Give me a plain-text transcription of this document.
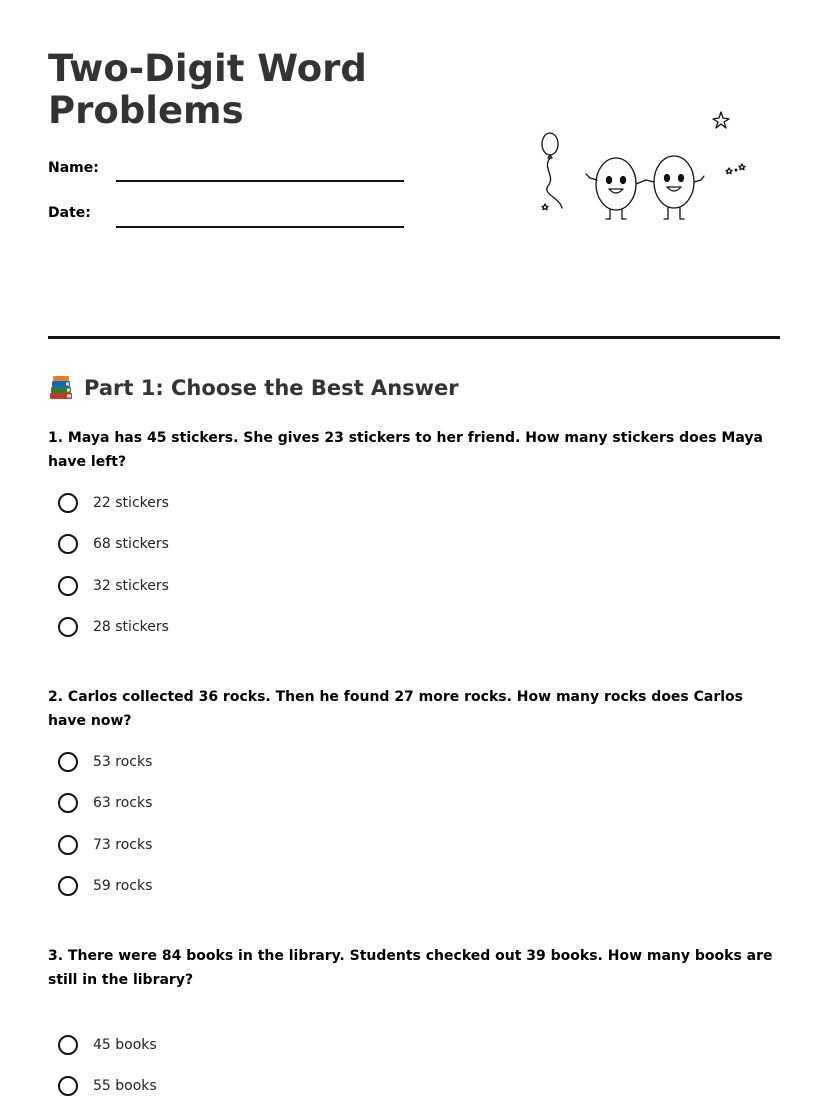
Two-Digit Word Problems
Name:
Date:
Part 1: Choose the Best Answer

1. Maya has 45 stickers. She gives 23 stickers to her friend. How many stickers does Maya have left?

22 stickers
68 stickers
32 stickers
28 stickers

2. Carlos collected 36 rocks. Then he found 27 more rocks. How many rocks does Carlos have now?

53 rocks
63 rocks
73 rocks
59 rocks

3. There were 84 books in the library. Students checked out 39 books. How many books are still in the library?

45 books
55 books
